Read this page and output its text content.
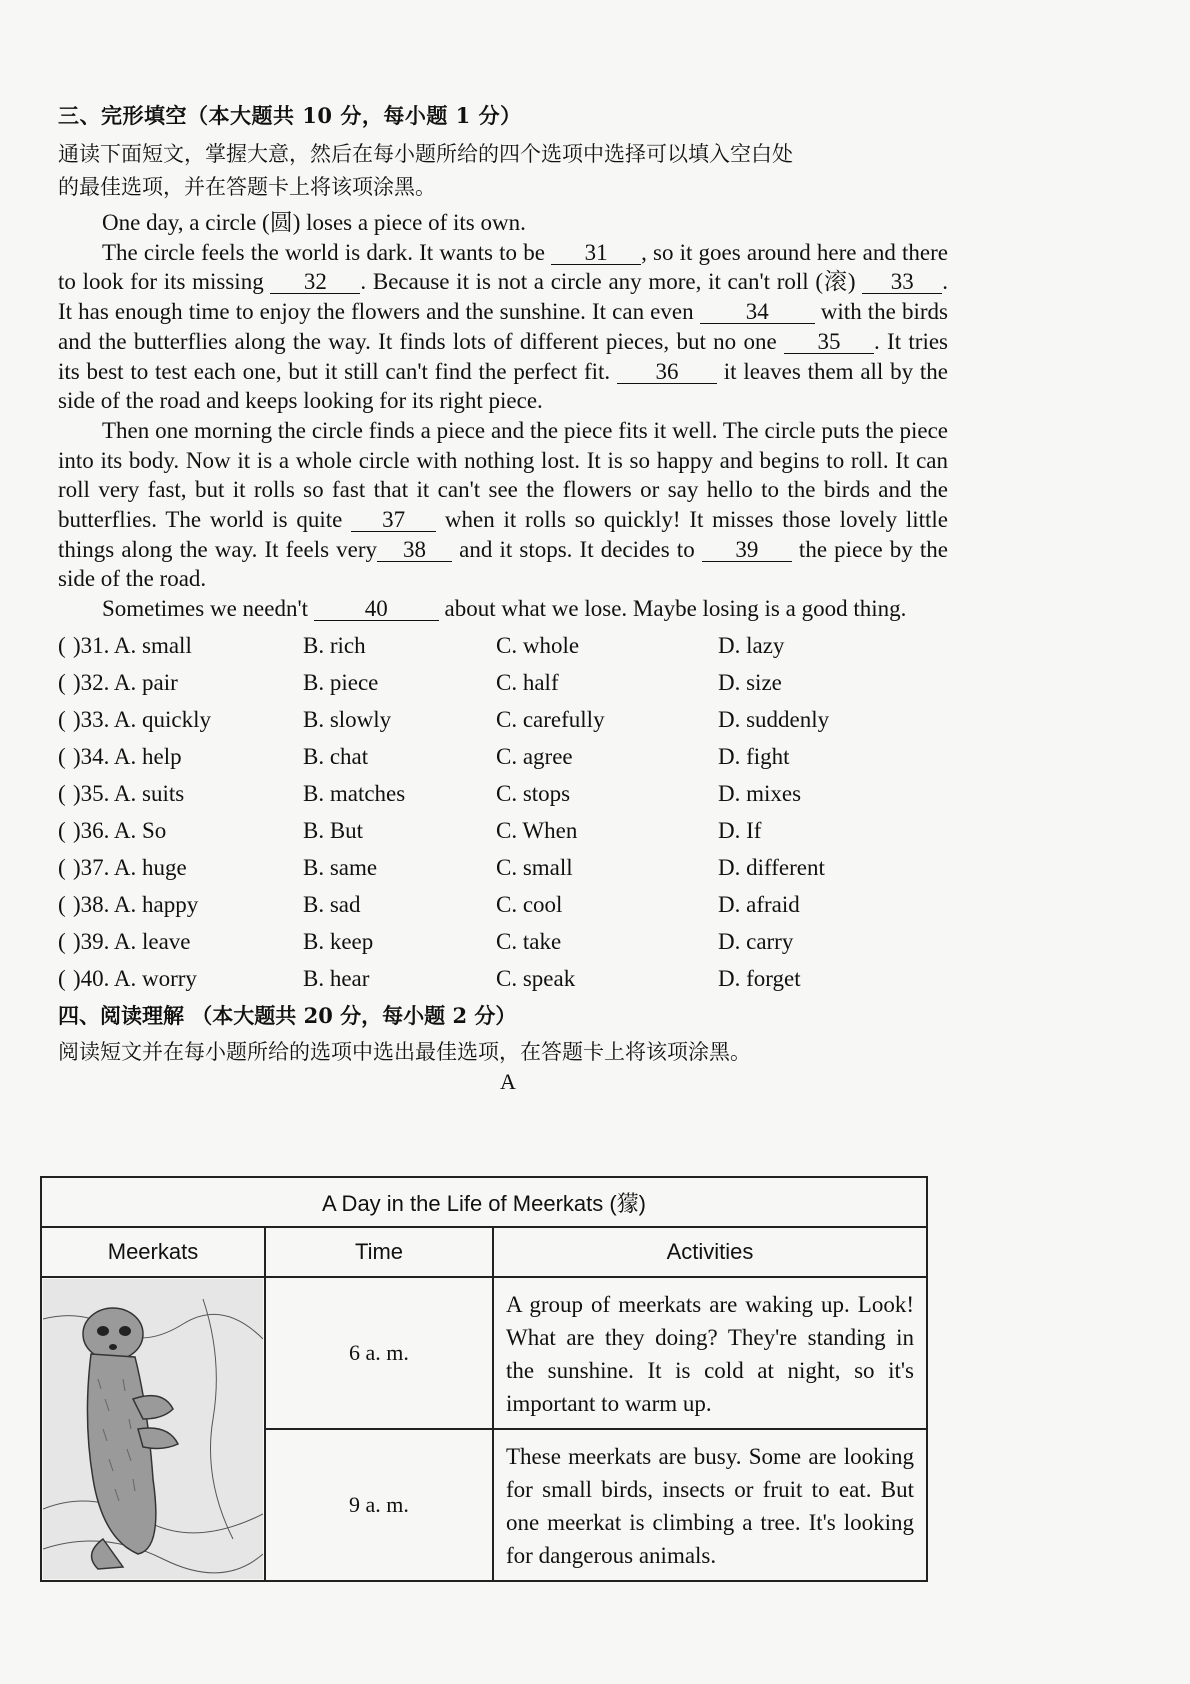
三、完形填空（本大题共 10 分，每小题 1 分）

通读下面短文，掌握大意，然后在每小题所给的四个选项中选择可以填入空白处

的最佳选项，并在答题卡上将该项涂黑。

One day, a circle (圆) loses a piece of its own.

The circle feels the world is dark. It wants to be 31 , so it goes around here and there to look for its missing 32 . Because it is not a circle any more, it can't roll (滚) 33 . It has enough time to enjoy the flowers and the sunshine. It can even 34 with the birds and the butterflies along the way. It finds lots of different pieces, but no one 35 . It tries its best to test each one, but it still can't find the perfect fit. 36 it leaves them all by the side of the road and keeps looking for its right piece.

Then one morning the circle finds a piece and the piece fits it well. The circle puts the piece into its body. Now it is a whole circle with nothing lost. It is so happy and begins to roll. It can roll very fast, but it rolls so fast that it can't see the flowers or say hello to the birds and the butterflies. The world is quite 37 when it rolls so quickly! It misses those lovely little things along the way. It feels very 38 and it stops. It decides to 39 the piece by the side of the road.

Sometimes we needn't 40 about what we lose. Maybe losing is a good thing.

( )31. A. small	B. rich	C. whole	D. lazy
( )32. A. pair	B. piece	C. half	D. size
( )33. A. quickly	B. slowly	C. carefully	D. suddenly
( )34. A. help	B. chat	C. agree	D. fight
( )35. A. suits	B. matches	C. stops	D. mixes
( )36. A. So	B. But	C. When	D. If
( )37. A. huge	B. same	C. small	D. different
( )38. A. happy	B. sad	C. cool	D. afraid
( )39. A. leave	B. keep	C. take	D. carry
( )40. A. worry	B. hear	C. speak	D. forget
四、阅读理解 （本大题共 20 分，每小题 2 分）

阅读短文并在每小题所给的选项中选出最佳选项，在答题卡上将该项涂黑。

A

A Day in the Life of Meerkats (獴)		
Meerkats	Time	Activities

	6 a. m.	A group of meerkats are waking up. Look! What are they doing? They're standing in the sunshine. It is cold at night, so it's important to warm up.
	9 a. m.	These meerkats are busy. Some are looking for small birds, insects or fruit to eat. But one meerkat is climbing a tree. It's looking for dangerous animals.
